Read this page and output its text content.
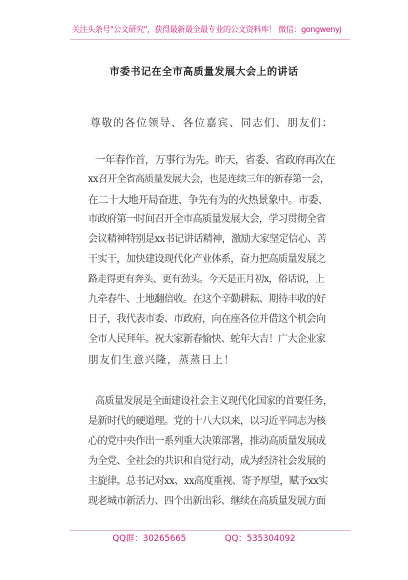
关注头条号"公文研究"，获得最新最全最专业的公文资料库！ 微信：gongwenyj
市委书记在全市高质量发展大会上的讲话
尊敬的各位领导、各位嘉宾、同志们、朋友们：
一年春作首，万事行为先。昨天，省委、省政府再次在
xx召开全省高质量发展大会，也是连续三年的新春第一会，
在二十大地开局奋进、争先有为的火热景象中。市委、
市政府第一时间召开全市高质量发展大会，学习贯彻全省
会议精神特别是xx书记讲话精神，激励大家坚定信心、苦
干实干，加快建设现代化产业体系，奋力把高质量发展之
路走得更有奔头、更有劲头。今天是正月初x，俗话说，上
九牵春牛、土地翻倍收。在这个辛勤耕耘、期待丰收的好
日子，我代表市委、市政府，向在座各位并借这个机会向
全市人民拜年。祝大家新春愉快、蛇年大吉！广大企业家
朋友们生意兴隆，蒸蒸日上！
高质量发展是全面建设社会主义现代化国家的首要任务，
是新时代的硬道理。党的十八大以来，以习近平同志为核
心的党中央作出一系列重大决策部署，推动高质量发展成
为全党、全社会的共识和自觉行动，成为经济社会发展的
主旋律。总书记对xx、xx高度重视、寄予厚望，赋予xx实
现老城市新活力、四个出新出彩、继续在高质量发展方面
QQ群：30265665	QQ：535304092
